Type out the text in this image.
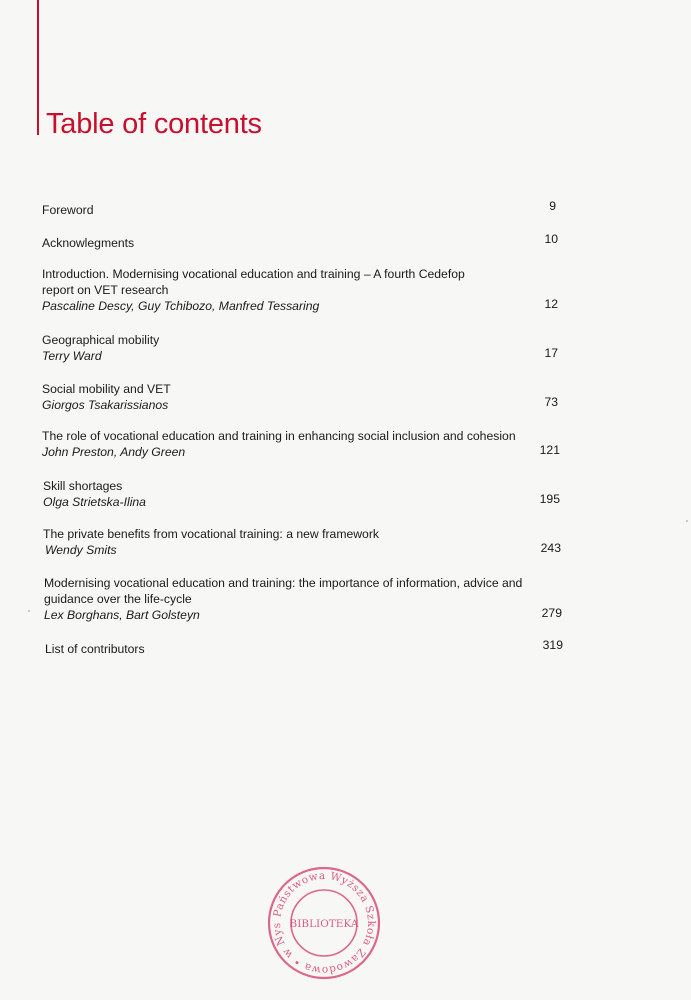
Table of contents
Foreword	9
Acknowlegments	10
Introduction. Modernising vocational education and training – A fourth Cedefop
report on VET research
Pascaline Descy, Guy Tchibozo, Manfred Tessaring	12
Geographical mobility
Terry Ward	17
Social mobility and VET
Giorgos Tsakarissianos	73
The role of vocational education and training in enhancing social inclusion and cohesion
John Preston, Andy Green	121
Skill shortages
Olga Strietska-Ilina	195
The private benefits from vocational training: a new framework
Wendy Smits	243
Modernising vocational education and training: the importance of information, advice and
guidance over the life-cycle
Lex Borghans, Bart Golsteyn	279
List of contributors	319
Państwowa Wyższa Szkoła Zawodowa • w Nys BIBLIOTEKA
